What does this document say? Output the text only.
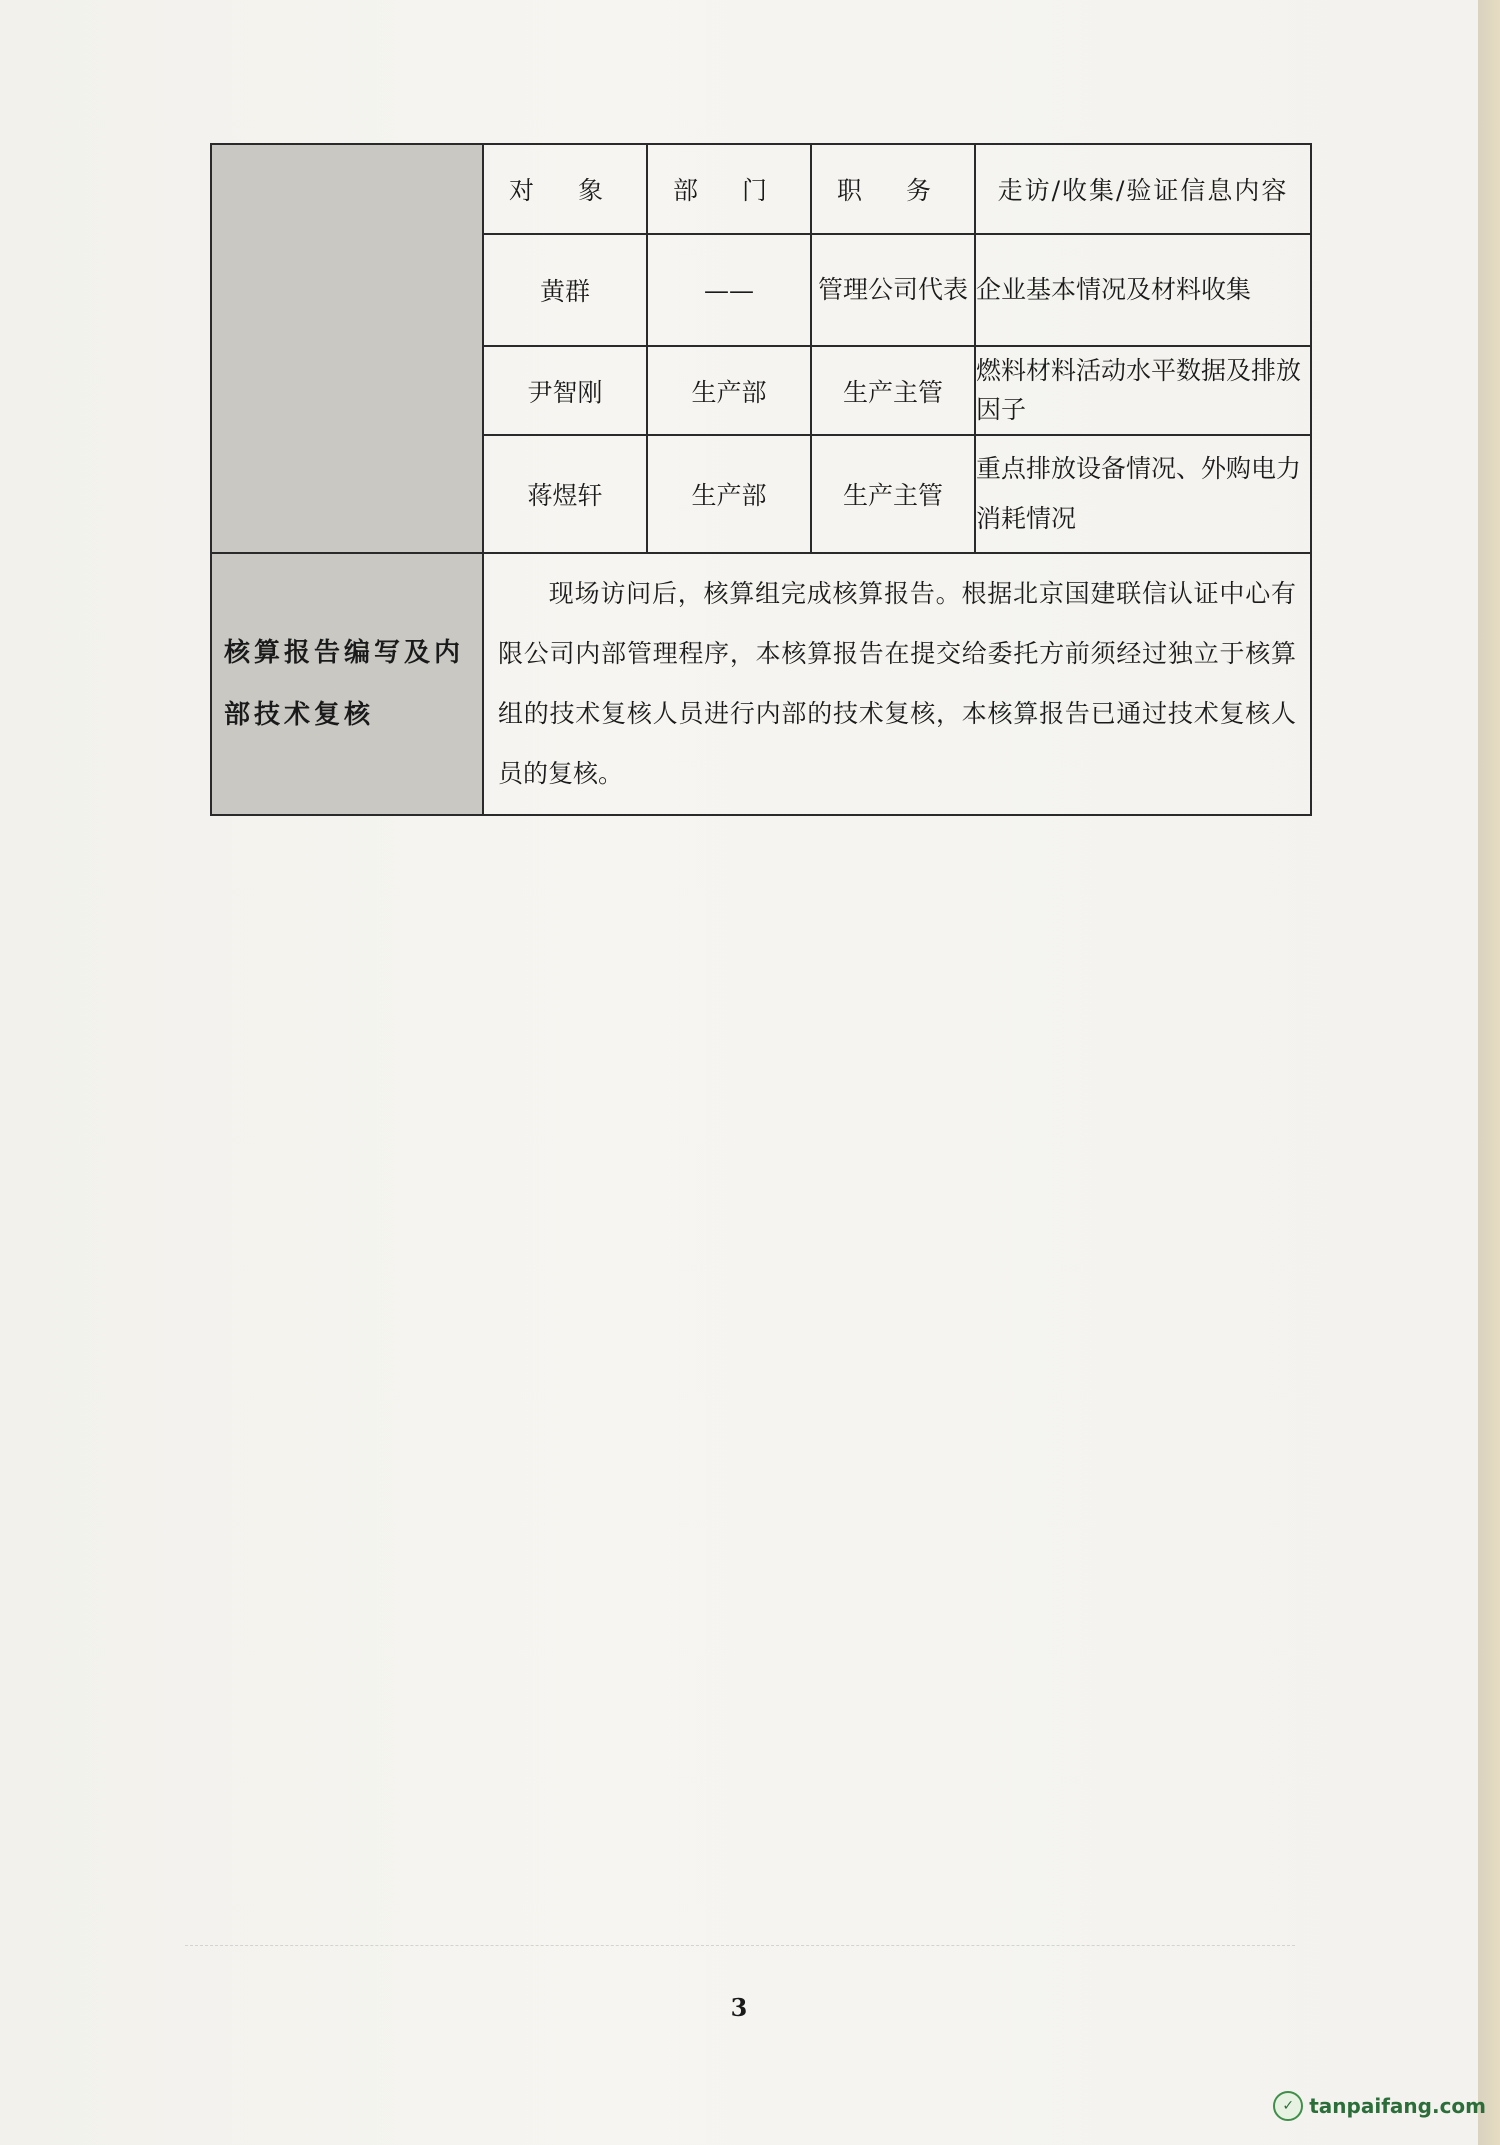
	对 象	部 门	职 务	走访/收集/验证信息内容
	黄群	——	管理公司代表	企业基本情况及材料收集
	尹智刚	生产部	生产主管	燃料材料活动水平数据及排放因子
	蒋煜轩	生产部	生产主管	重点排放设备情况、外购电力消耗情况
核算报告编写及内部技术复核	现场访问后，核算组完成核算报告。根据北京国建联信认证中心有限公司内部管理程序，本核算报告在提交给委托方前须经过独立于核算组的技术复核人员进行内部的技术复核，本核算报告已通过技术复核人员的复核。			
3
✓ tanpaifang.com
